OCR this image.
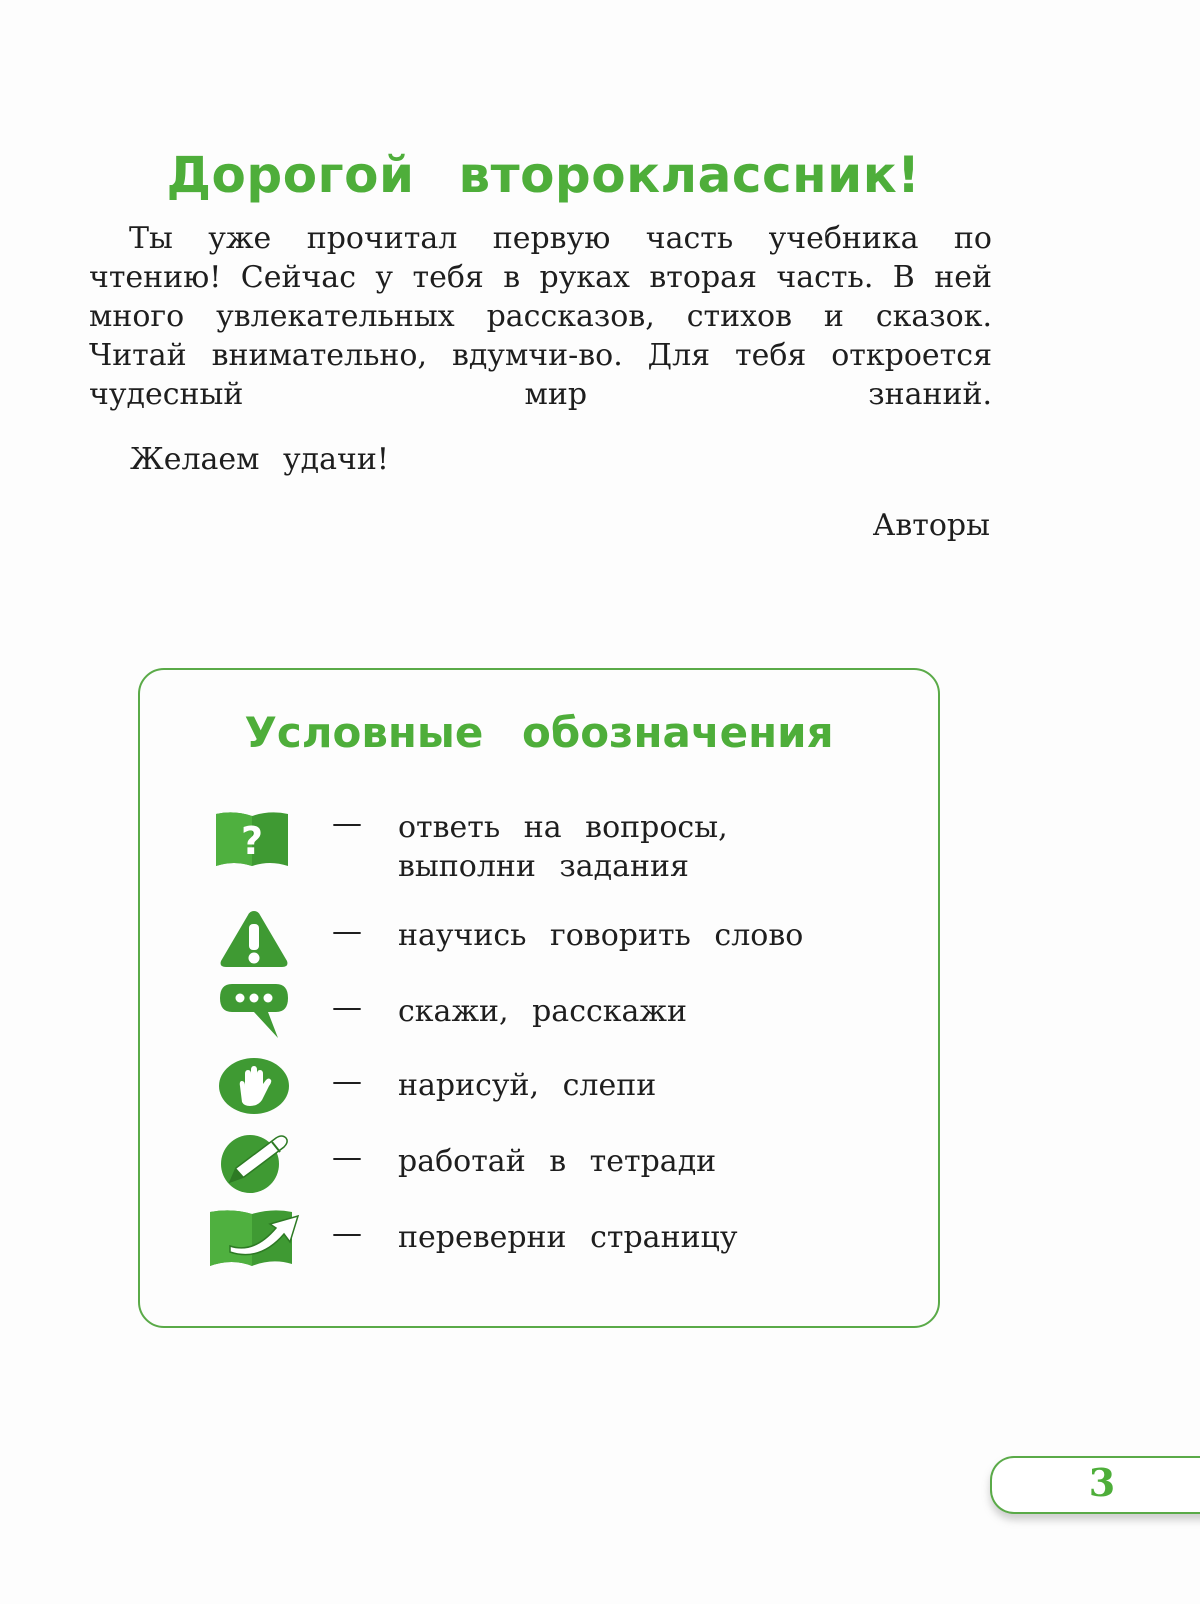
Дорогой второклассник!

Ты уже прочитал первую часть учебника по чтению! Сейчас у тебя в руках вторая часть. В ней много увлекательных рассказов, стихов и сказок. Читай внимательно, вдумчи-во. Для тебя откроется чудесный мир знаний.

Желаем удачи!

Авторы

Условные обозначения
? — ответь на вопросы,
выполни задания

— научись говорить слово

— скажи, расскажи

— нарисуй, слепи

— работай в тетради

— переверни страницу

3
